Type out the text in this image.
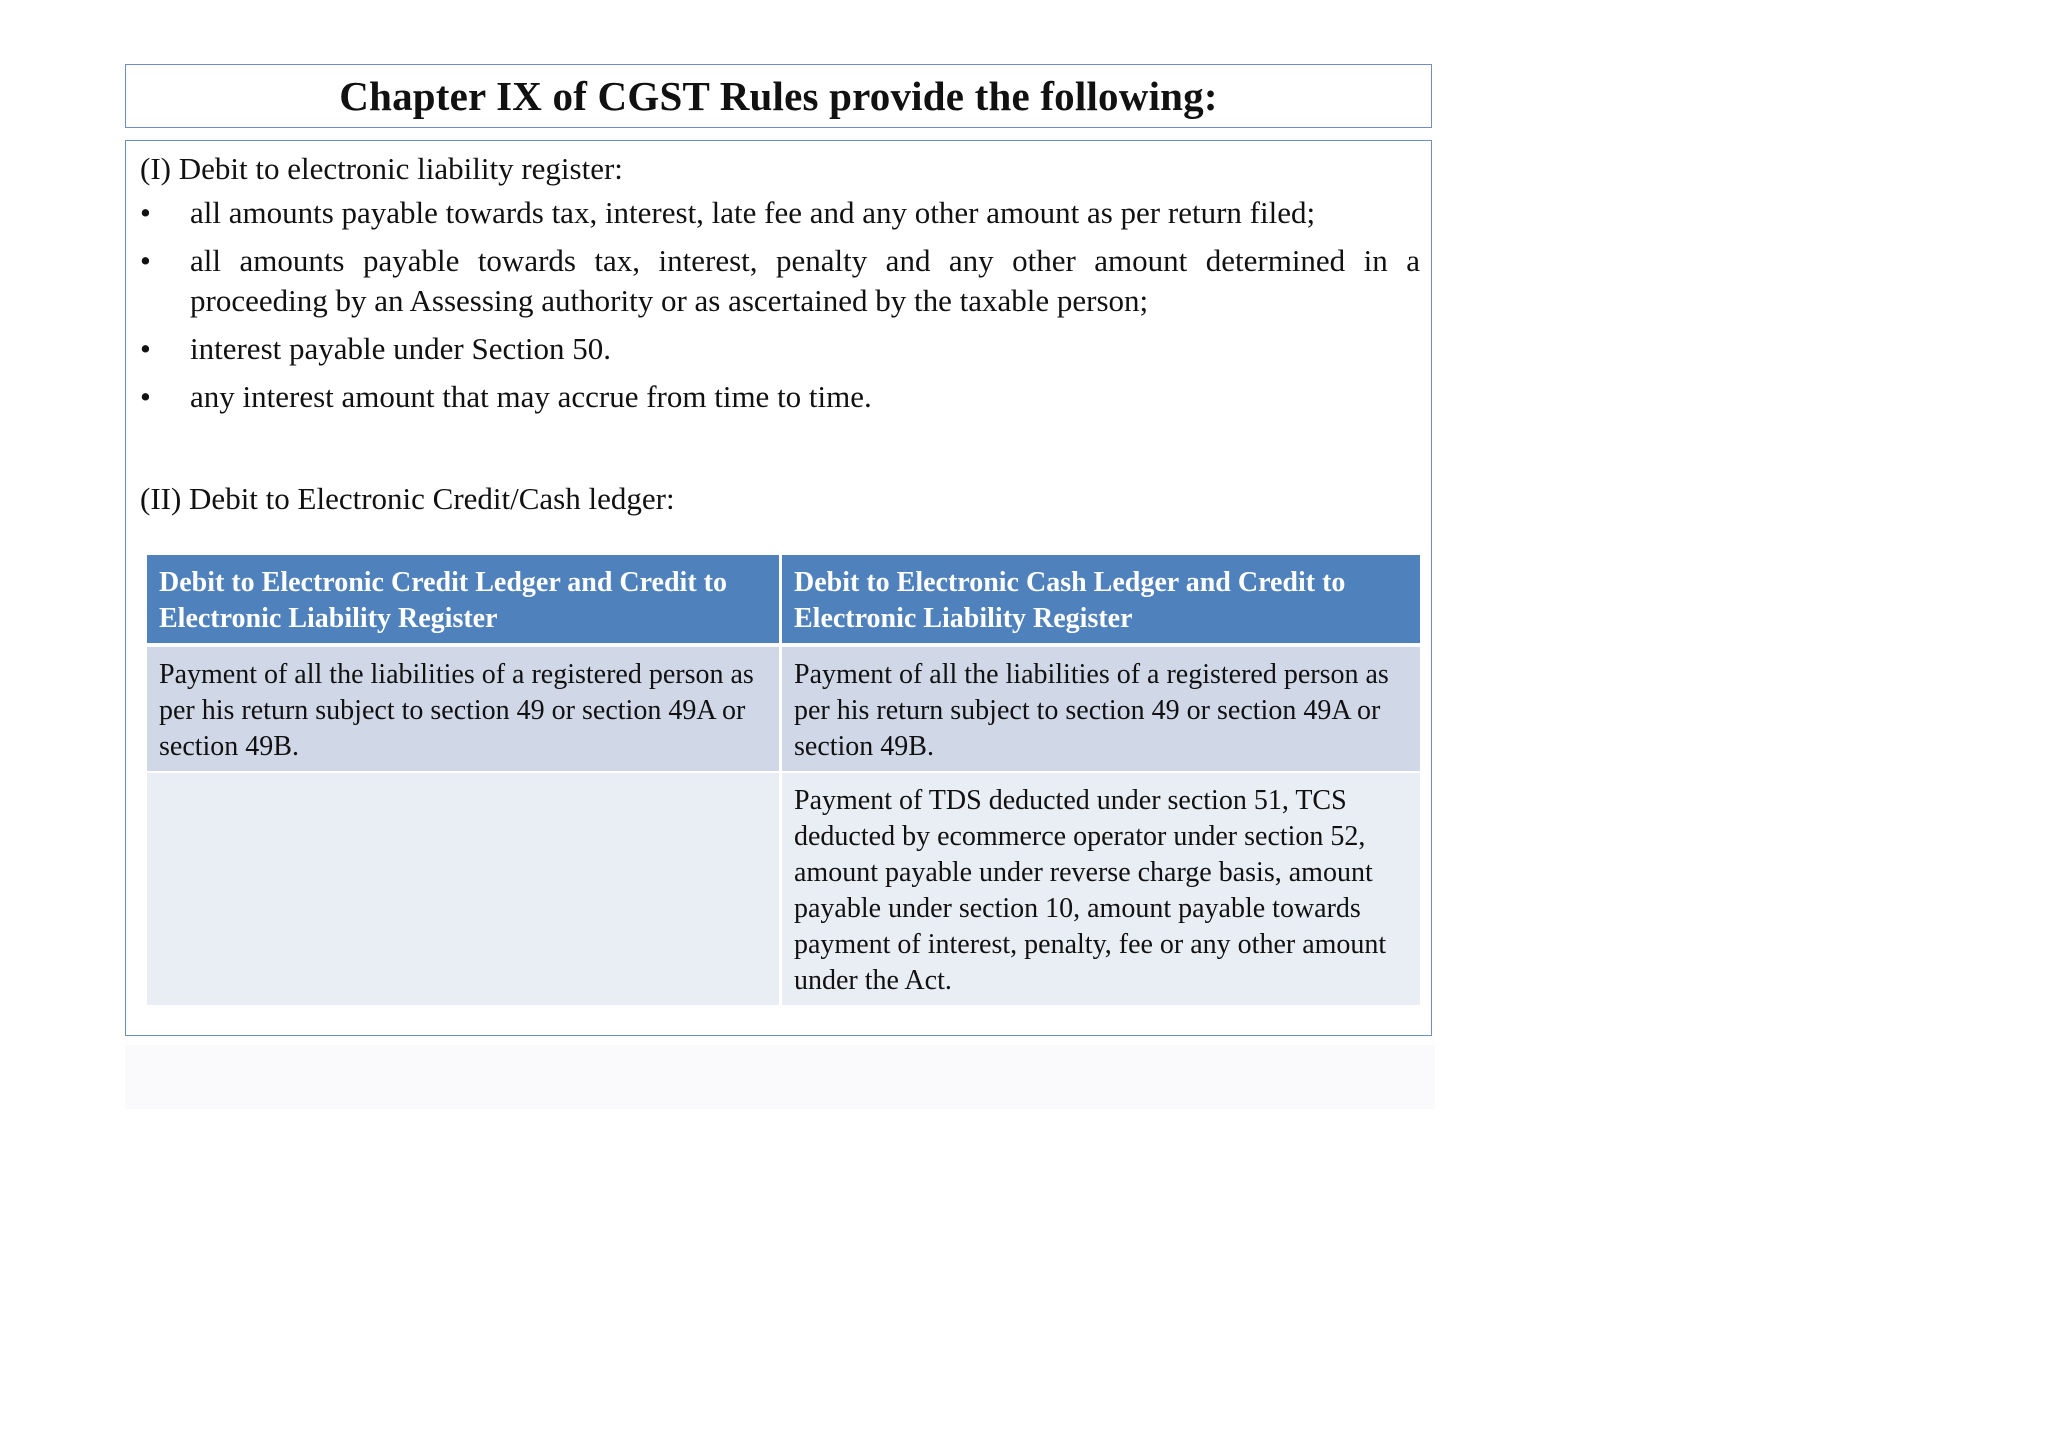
Chapter IX of CGST Rules provide the following:
(I) Debit to electronic liability register:
• all amounts payable towards tax, interest, late fee and any other amount as per return filed;
• all amounts payable towards tax, interest, penalty and any other amount determined in a proceeding by an Assessing authority or as ascertained by the taxable person;
• interest payable under Section 50.
• any interest amount that may accrue from time to time.
(II) Debit to Electronic Credit/Cash ledger:
Debit to Electronic Credit Ledger and Credit to Electronic Liability Register	Debit to Electronic Cash Ledger and Credit to Electronic Liability Register
Payment of all the liabilities of a registered person as per his return subject to section 49 or section 49A or section 49B.	Payment of all the liabilities of a registered person as per his return subject to section 49 or section 49A or section 49B.
	Payment of TDS deducted under section 51, TCS deducted by ecommerce operator under section 52, amount payable under reverse charge basis, amount payable under section 10, amount payable towards payment of interest, penalty, fee or any other amount under the Act.
